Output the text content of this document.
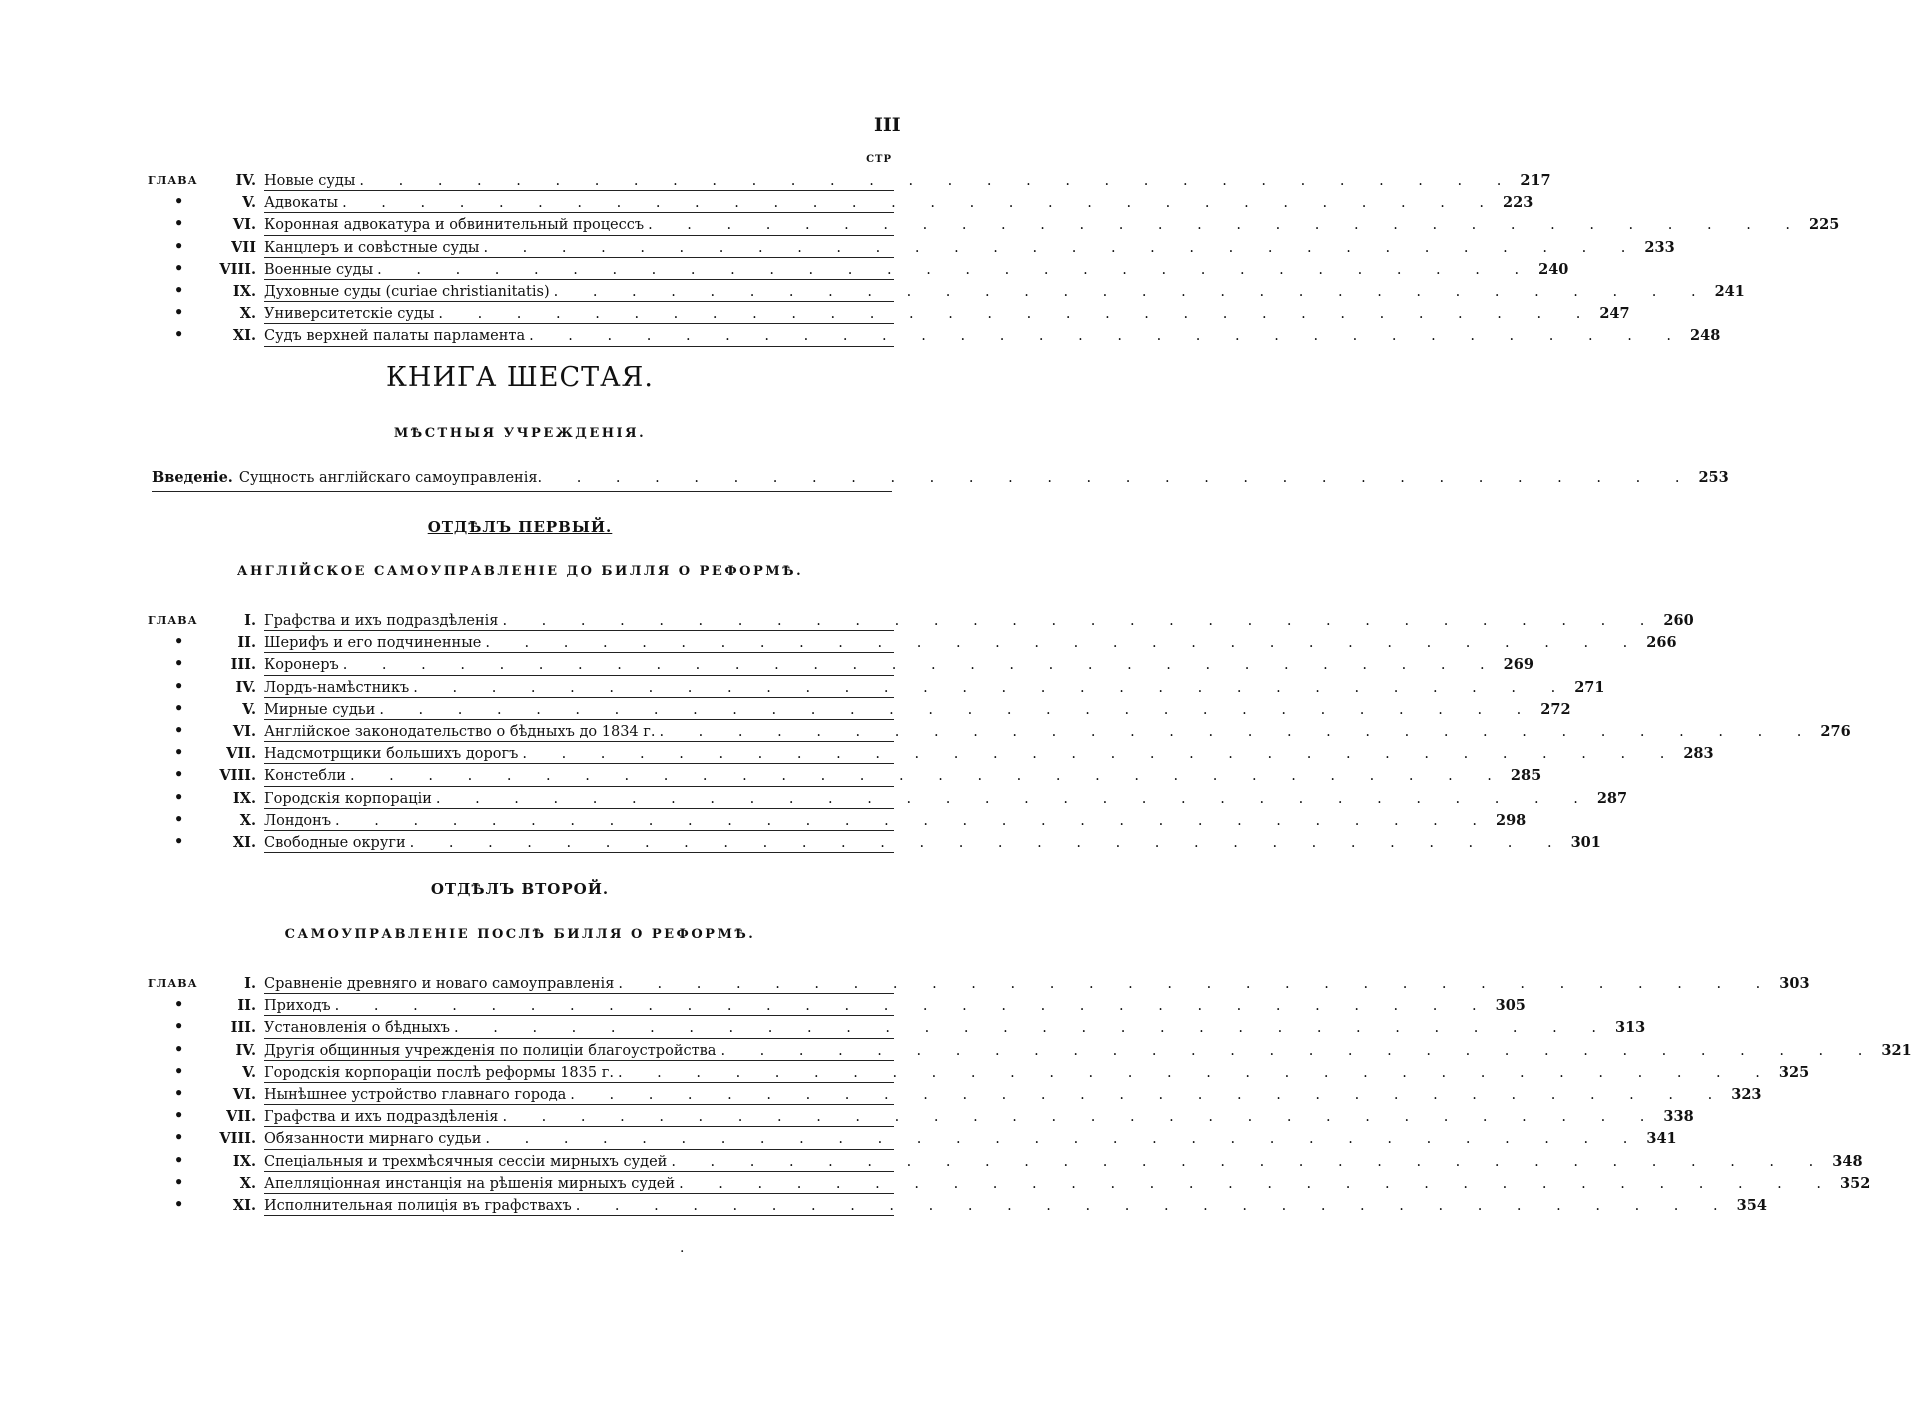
III
СТР
ГЛАВА	IV. Новые суды . . . . . . . . . . . . . . . . . . . . . . . . . . . . . . 217
•	V. Адвокаты . . . . . . . . . . . . . . . . . . . . . . . . . . . . . . 223
•	VI. Коронная адвокатура и обвинительный процессъ . . . . . . . . . . . . . . . . . . . . . . . . . . . . . . 225
•	VII Канцлеръ и совѣстные суды . . . . . . . . . . . . . . . . . . . . . . . . . . . . . . 233
• VIII. Военные суды . . . . . . . . . . . . . . . . . . . . . . . . . . . . . . 240
•	IX. Духовные суды (curiae christianitatis) . . . . . . . . . . . . . . . . . . . . . . . . . . . . . . 241
•	X. Университетскіе суды . . . . . . . . . . . . . . . . . . . . . . . . . . . . . . 247
•	XI. Судъ верхней палаты парламента . . . . . . . . . . . . . . . . . . . . . . . . . . . . . . 248
КНИГА ШЕСТАЯ.
МѢСТНЫЯ УЧРЕЖДЕНІЯ.
Введеніе. Сущность англійскаго самоуправленія . . . . . . . . . . . . . . . . . . . . . . . . . . . . . . 253
ОТДѢЛЪ ПЕРВЫЙ.
АНГЛІЙСКОЕ САМОУПРАВЛЕНІЕ ДО БИЛЛЯ О РЕФОРМѢ.
ГЛАВА	I. Графства и ихъ подраздѣленія . . . . . . . . . . . . . . . . . . . . . . . . . . . . . . 260
•	II. Шерифъ и его подчиненные . . . . . . . . . . . . . . . . . . . . . . . . . . . . . . 266
•	III. Коронеръ . . . . . . . . . . . . . . . . . . . . . . . . . . . . . . 269
•	IV. Лордъ-намѣстникъ . . . . . . . . . . . . . . . . . . . . . . . . . . . . . . 271
•	V. Мирные судьи . . . . . . . . . . . . . . . . . . . . . . . . . . . . . . 272
•	VI. Англійское законодательство о бѣдныхъ до 1834 г. . . . . . . . . . . . . . . . . . . . . . . . . . . . . . . 276
•	VII. Надсмотрщики большихъ дорогъ . . . . . . . . . . . . . . . . . . . . . . . . . . . . . . 283
• VIII. Констебли . . . . . . . . . . . . . . . . . . . . . . . . . . . . . . 285
•	IX. Городскія корпораціи . . . . . . . . . . . . . . . . . . . . . . . . . . . . . . 287
•	X. Лондонъ . . . . . . . . . . . . . . . . . . . . . . . . . . . . . . 298
•	XI. Свободные округи . . . . . . . . . . . . . . . . . . . . . . . . . . . . . . 301
ОТДѢЛЪ ВТОРОЙ.
САМОУПРАВЛЕНІЕ ПОСЛѢ БИЛЛЯ О РЕФОРМѢ.
ГЛАВА	I. Сравненіе древняго и новаго самоуправленія . . . . . . . . . . . . . . . . . . . . . . . . . . . . . . 303
•	II. Приходъ . . . . . . . . . . . . . . . . . . . . . . . . . . . . . . 305
•	III. Установленія о бѣдныхъ . . . . . . . . . . . . . . . . . . . . . . . . . . . . . . 313
•	IV. Другія общинныя учрежденія по полиціи благоустройства . . . . . . . . . . . . . . . . . . . . . . . . . . . . . . 321
•	V. Городскія корпораціи послѣ реформы 1835 г. . . . . . . . . . . . . . . . . . . . . . . . . . . . . . . 325
•	VI. Нынѣшнее устройство главнаго города . . . . . . . . . . . . . . . . . . . . . . . . . . . . . . 323
•	VII. Графства и ихъ подраздѣленія . . . . . . . . . . . . . . . . . . . . . . . . . . . . . . 338
• VIII. Обязанности мирнаго судьи . . . . . . . . . . . . . . . . . . . . . . . . . . . . . . 341
•	IX. Спеціальныя и трехмѣсячныя сессіи мирныхъ судей . . . . . . . . . . . . . . . . . . . . . . . . . . . . . . 348
•	X. Апелляціонная инстанція на рѣшенія мирныхъ судей . . . . . . . . . . . . . . . . . . . . . . . . . . . . . . 352
•	XI. Исполнительная полиція въ графствахъ . . . . . . . . . . . . . . . . . . . . . . . . . . . . . . 354
·
